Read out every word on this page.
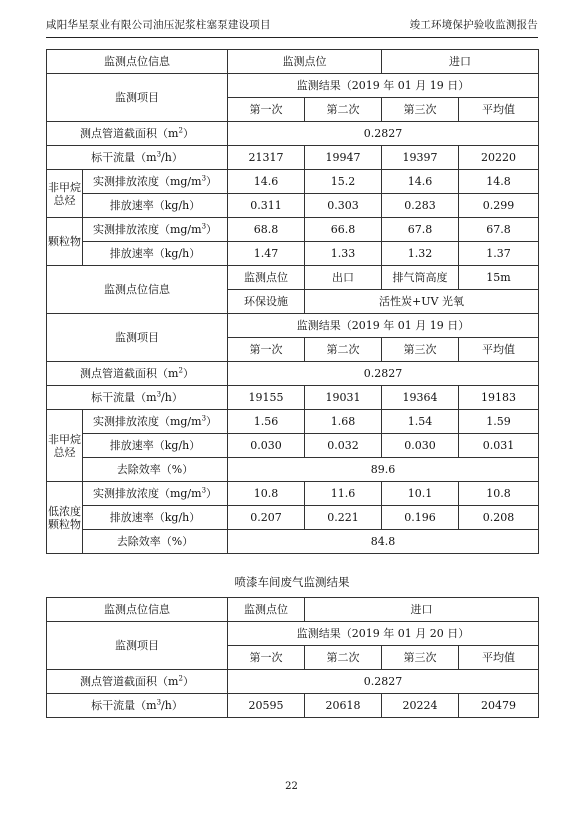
咸阳华星泵业有限公司油压泥浆柱塞泵建设项目	竣工环境保护验收监测报告
监测点位信息		监测点位		进口	
监测项目		监测结果（2019 年 01 月 19 日）			
		第一次	第二次	第三次	平均值
测点管道截面积$(m^2)$		0.2827			
标干流量$(m^3/h)$		21317	19947	19397	20220
非甲烷总烃	实测排放浓度$(mg/m^3)$	14.6	15.2	14.6	14.8
	排放速率（kg/h）	0.311	0.303	0.283	0.299
颗粒物	实测排放浓度$(mg/m^3)$	68.8	66.8	67.8	67.8
	排放速率（kg/h）	1.47	1.33	1.32	1.37
监测点位信息		监测点位	出口	排气筒高度	15m
		环保设施	活性炭+UV 光氧		
监测项目		监测结果（2019 年 01 月 19 日）			
		第一次	第二次	第三次	平均值
测点管道截面积$(m^2)$		0.2827			
标干流量$(m^3/h)$		19155	19031	19364	19183
非甲烷总烃	实测排放浓度$(mg/m^3)$	1.56	1.68	1.54	1.59
	排放速率（kg/h）	0.030	0.032	0.030	0.031
	去除效率（%）	89.6			
低浓度颗粒物	实测排放浓度$(mg/m^3)$	10.8	11.6	10.1	10.8
	排放速率（kg/h）	0.207	0.221	0.196	0.208
	去除效率（%）	84.8			
喷漆车间废气监测结果
监测点位信息	监测点位	进口		
监测项目	监测结果（2019 年 01 月 20 日）			
	第一次	第二次	第三次	平均值
测点管道截面积$(m^2)$	0.2827			
标干流量$(m^3/h)$	20595	20618	20224	20479
22
